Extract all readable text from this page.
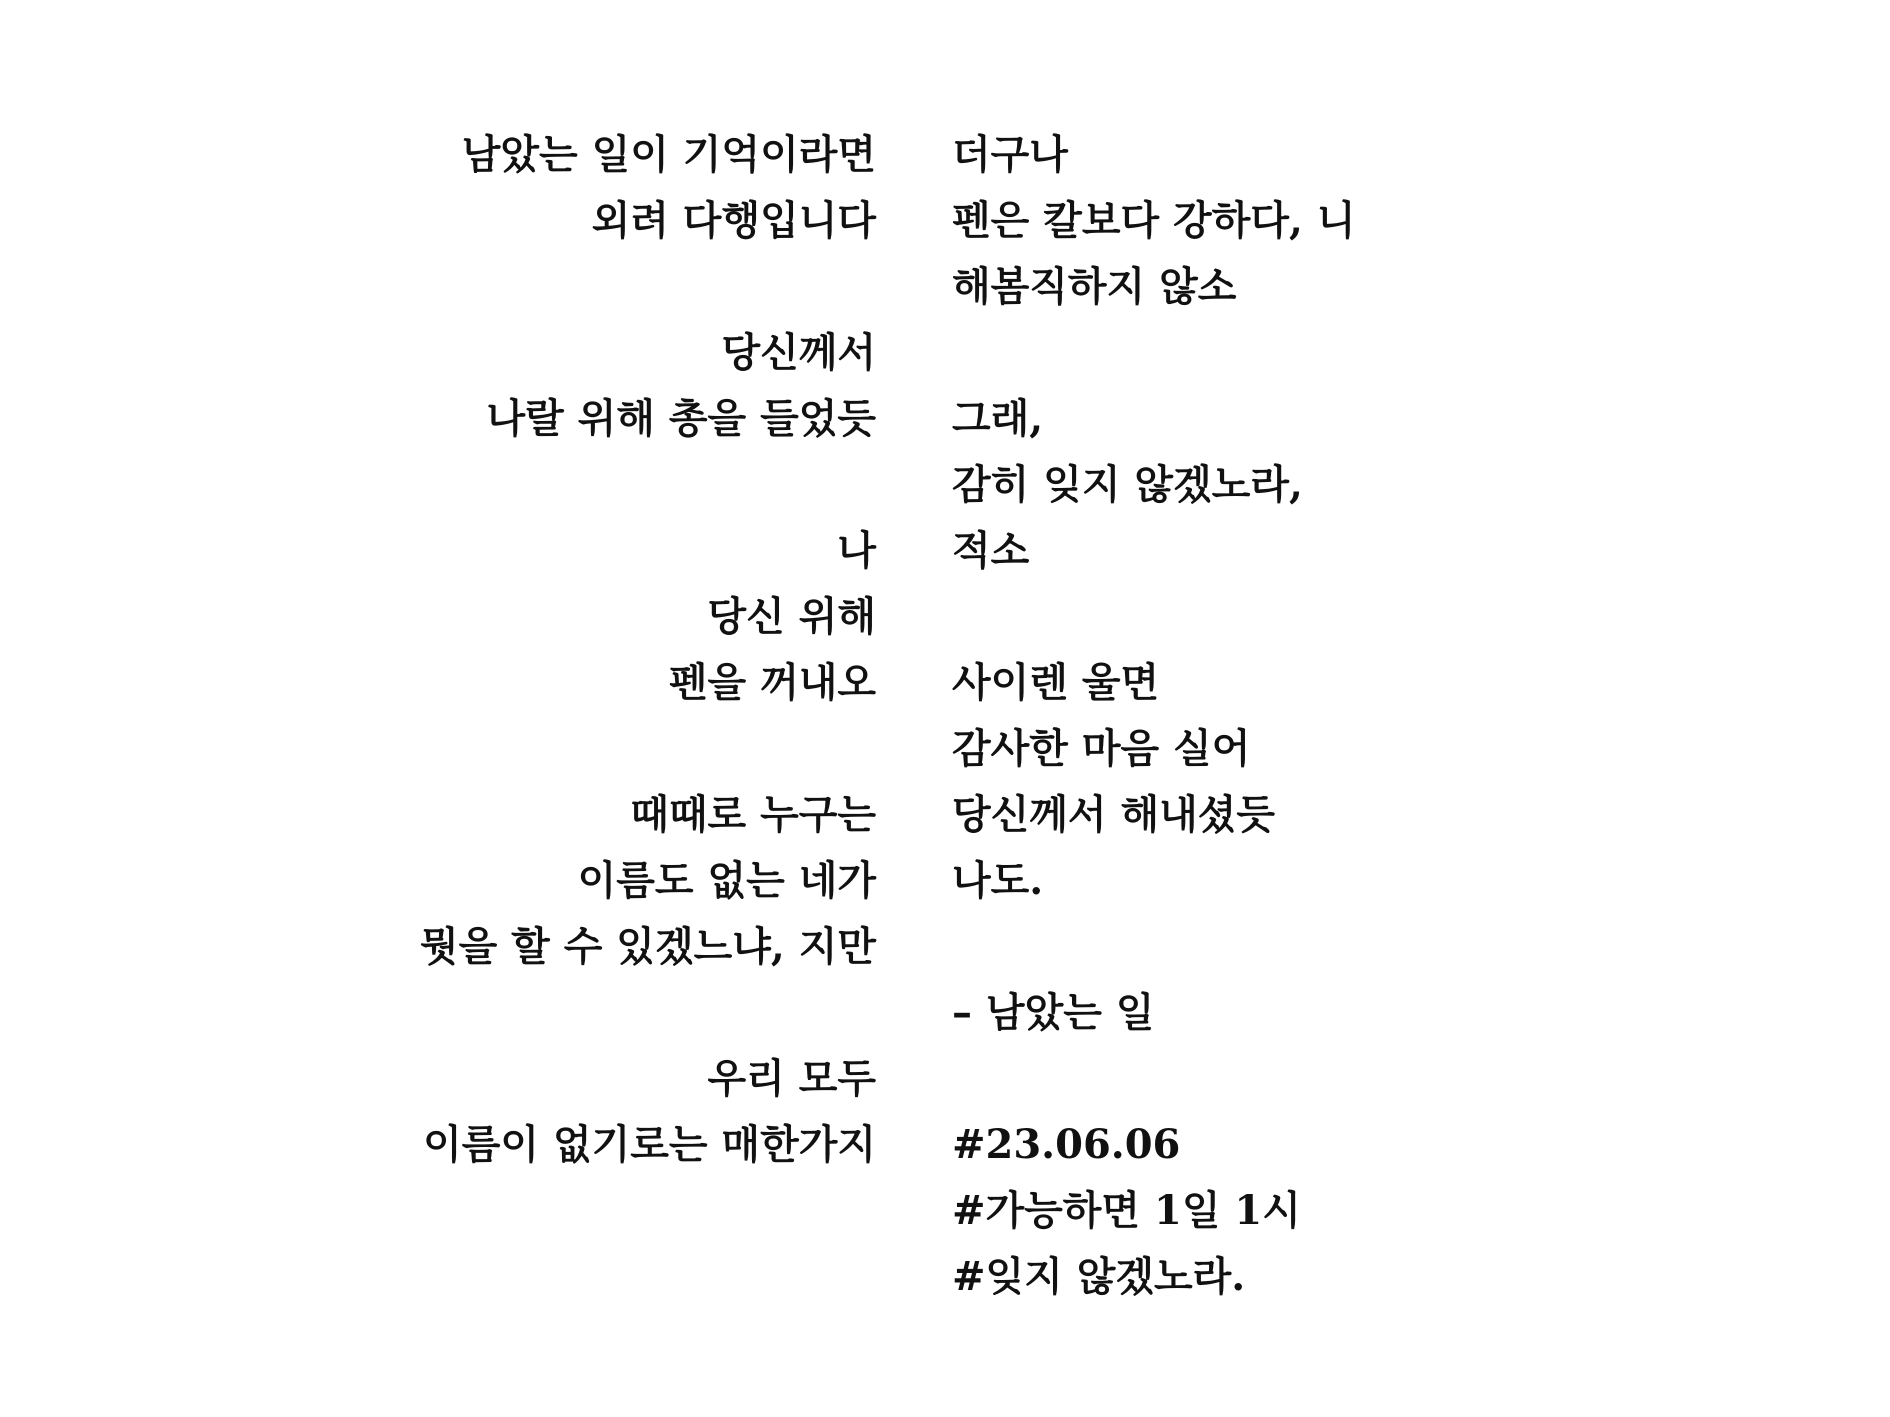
남았는 일이 기억이라면
외려 다행입니다
당신께서
나랄 위해 총을 들었듯
나
당신 위해
펜을 꺼내오
때때로 누구는
이름도 없는 네가
뭣을 할 수 있겠느냐, 지만
우리 모두
이름이 없기로는 매한가지
더구나
펜은 칼보다 강하다, 니
해봄직하지 않소
그래,
감히 잊지 않겠노라,
적소
사이렌 울면
감사한 마음 실어
당신께서 해내셨듯
나도.
– 남았는 일
#23.06.06
#가능하면 1일 1시
#잊지 않겠노라.
